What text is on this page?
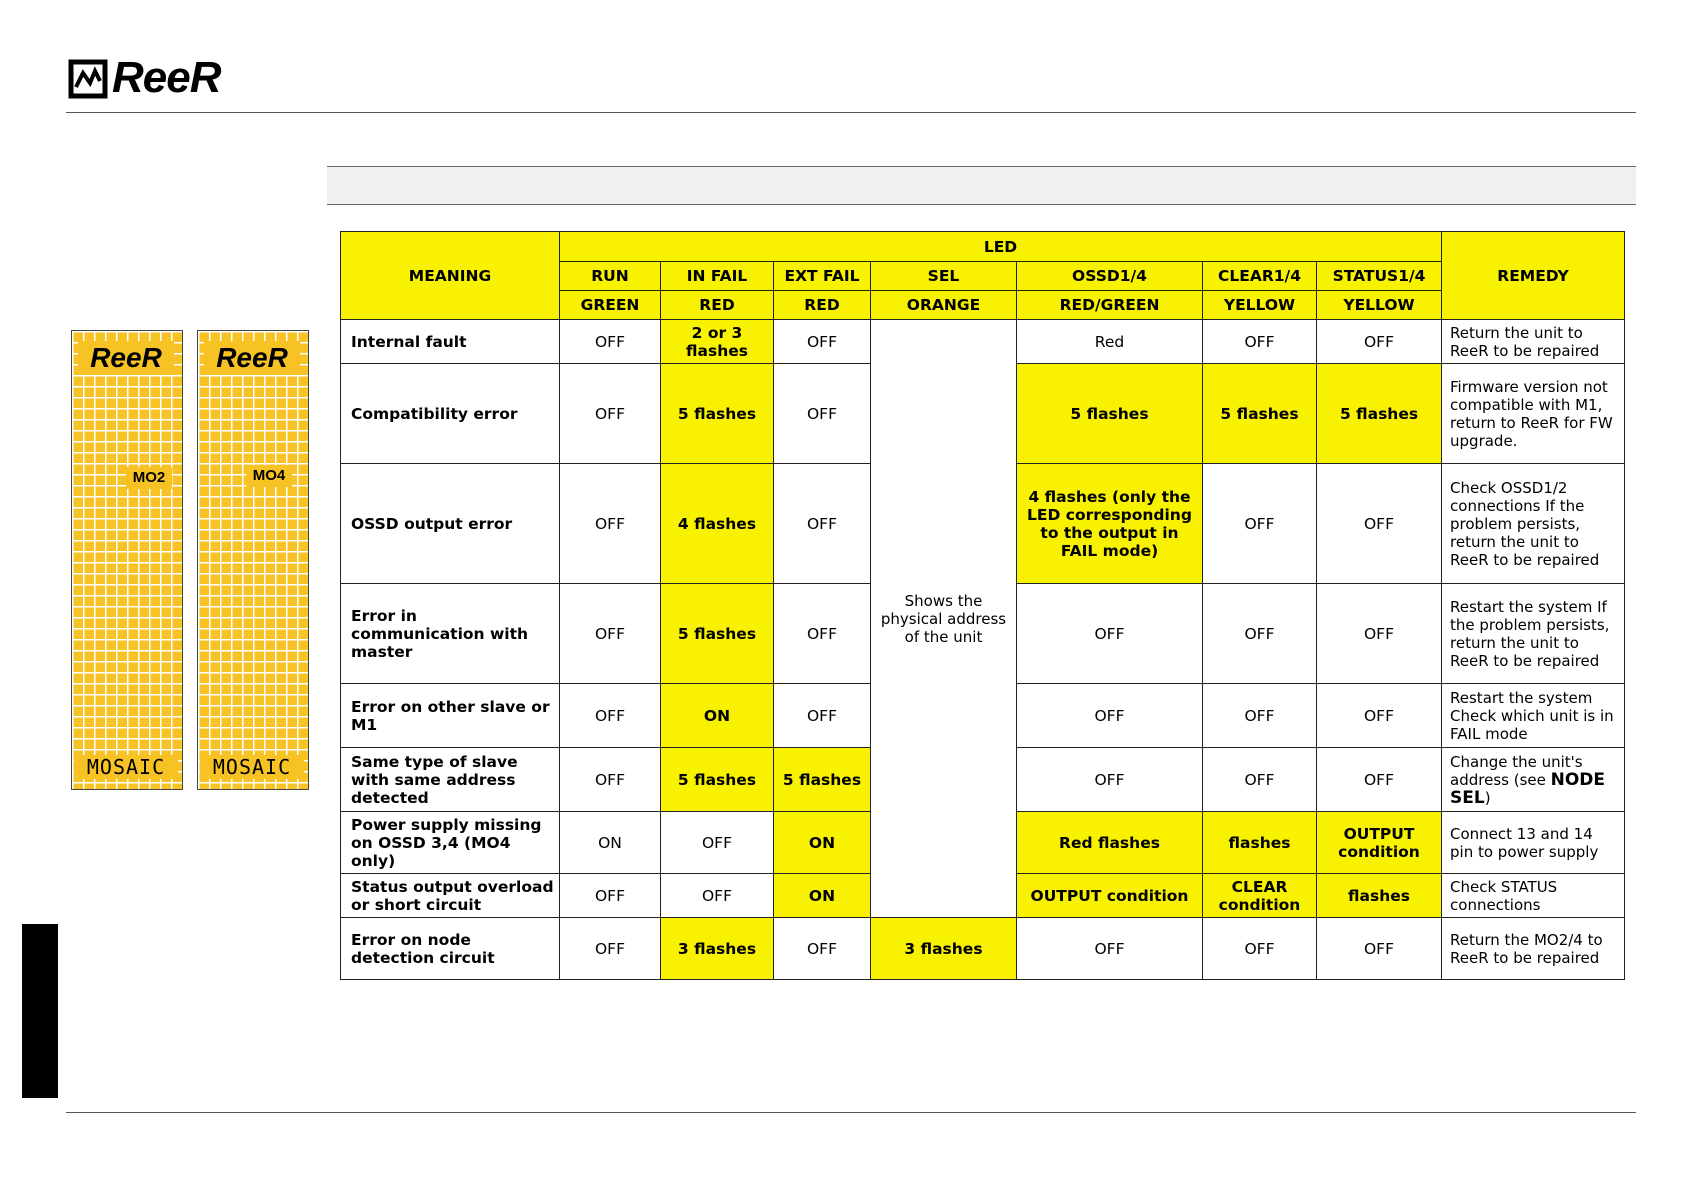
ReeR
ReeR
MO2
MOSAIC
ReeR
MO4
MOSAIC
MEANING	LED							REMEDY
	RUN	IN FAIL	EXT FAIL	SEL	OSSD1/4	CLEAR1/4	STATUS1/4	
	GREEN	RED	RED	ORANGE	RED/GREEN	YELLOW	YELLOW	
Internal fault	OFF	2 or 3 flashes	OFF	Shows the physical address of the unit	Red	OFF	OFF	Return the unit to ReeR to be repaired
Compatibility error	OFF	5 flashes	OFF		5 flashes	5 flashes	5 flashes	Firmware version not compatible with M1, return to ReeR for FW upgrade.
OSSD output error	OFF	4 flashes	OFF		4 flashes (only the LED corresponding to the output in FAIL mode)	OFF	OFF	Check OSSD1/2 connections If the problem persists, return the unit to ReeR to be repaired
Error in communication with master	OFF	5 flashes	OFF		OFF	OFF	OFF	Restart the system If the problem persists, return the unit to ReeR to be repaired
Error on other slave or M1	OFF	ON	OFF		OFF	OFF	OFF	Restart the system Check which unit is in FAIL mode
Same type of slave with same address detected	OFF	5 flashes	5 flashes		OFF	OFF	OFF	Change the unit's address (see NODE SEL)
Power supply missing on OSSD 3,4 (MO4 only)	ON	OFF	ON		Red flashes	flashes	OUTPUT condition	Connect 13 and 14 pin to power supply
Status output overload or short circuit	OFF	OFF	ON		OUTPUT condition	CLEAR condition	flashes	Check STATUS connections
Error on node detection circuit	OFF	3 flashes	OFF	3 flashes	OFF	OFF	OFF	Return the MO2/4 to ReeR to be repaired
